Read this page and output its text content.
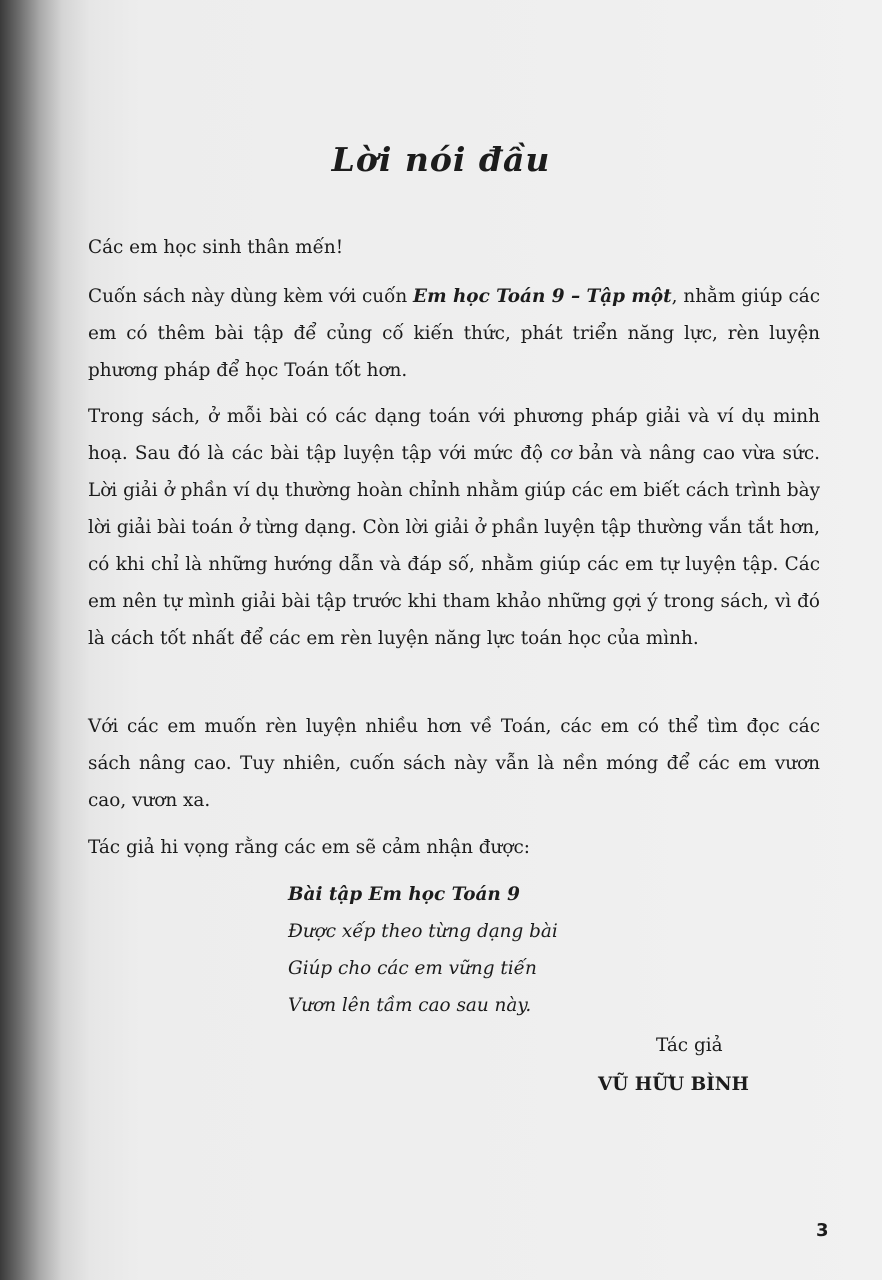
Lời nói đầu
Các em học sinh thân mến!
Cuốn sách này dùng kèm với cuốn Em học Toán 9 – Tập một, nhằm giúp các em có thêm bài tập để củng cố kiến thức, phát triển năng lực, rèn luyện phương pháp để học Toán tốt hơn.
Trong sách, ở mỗi bài có các dạng toán với phương pháp giải và ví dụ minh hoạ. Sau đó là các bài tập luyện tập với mức độ cơ bản và nâng cao vừa sức. Lời giải ở phần ví dụ thường hoàn chỉnh nhằm giúp các em biết cách trình bày lời giải bài toán ở từng dạng. Còn lời giải ở phần luyện tập thường vắn tắt hơn, có khi chỉ là những hướng dẫn và đáp số, nhằm giúp các em tự luyện tập. Các em nên tự mình giải bài tập trước khi tham khảo những gợi ý trong sách, vì đó là cách tốt nhất để các em rèn luyện năng lực toán học của mình.
Với các em muốn rèn luyện nhiều hơn về Toán, các em có thể tìm đọc các sách nâng cao. Tuy nhiên, cuốn sách này vẫn là nền móng để các em vươn cao, vươn xa.
Tác giả hi vọng rằng các em sẽ cảm nhận được:
Bài tập Em học Toán 9
Được xếp theo từng dạng bài
Giúp cho các em vững tiến
Vươn lên tầm cao sau này.
Tác giả
VŨ HỮU BÌNH
3
